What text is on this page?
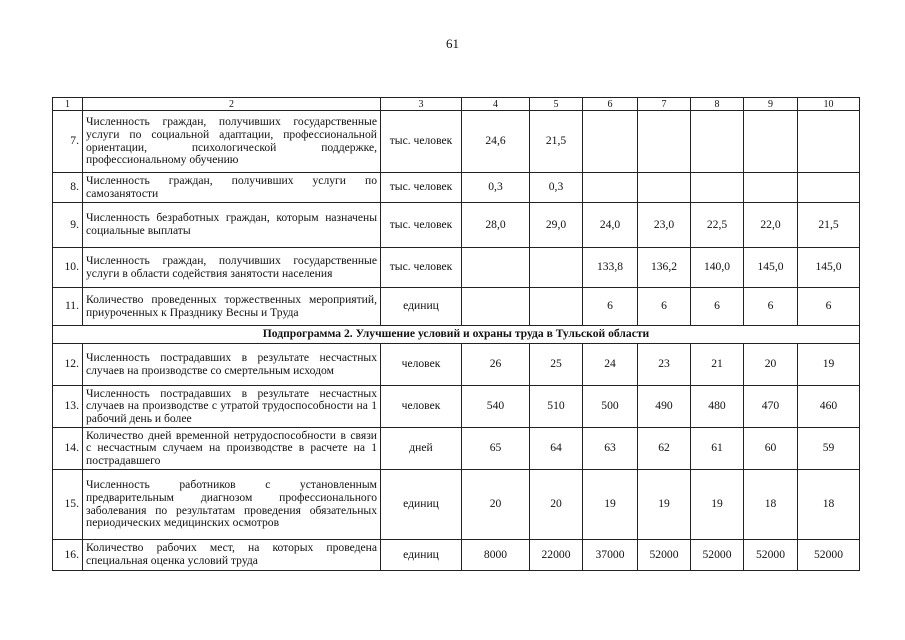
61
1	2	3	4	5	6	7	8	9	10
7.	Численность граждан, получивших государственные услуги по социальной адаптации, профессиональной ориентации, психологической поддержке, профессиональному обучению	тыс. человек	24,6	21,5					
8.	Численность граждан, получивших услуги по самозанятости	тыс. человек	0,3	0,3					
9.	Численность безработных граждан, которым назначены социальные выплаты	тыс. человек	28,0	29,0	24,0	23,0	22,5	22,0	21,5
10.	Численность граждан, получивших государственные услуги в области содействия занятости населения	тыс. человек			133,8	136,2	140,0	145,0	145,0
11.	Количество проведенных торжественных мероприятий, приуроченных к Празднику Весны и Труда	единиц			6	6	6	6	6
Подпрограмма 2. Улучшение условий и охраны труда в Тульской области									
12.	Численность пострадавших в результате несчастных случаев на производстве со смертельным исходом	человек	26	25	24	23	21	20	19
13.	Численность пострадавших в результате несчастных случаев на производстве с утратой трудоспособности на 1 рабочий день и более	человек	540	510	500	490	480	470	460
14.	Количество дней временной нетрудоспособности в связи с несчастным случаем на производстве в расчете на 1 пострадавшего	дней	65	64	63	62	61	60	59
15.	Численность работников с установленным предварительным диагнозом профессионального заболевания по результатам проведения обязательных периодических медицинских осмотров	единиц	20	20	19	19	19	18	18
16.	Количество рабочих мест, на которых проведена специальная оценка условий труда	единиц	8000	22000	37000	52000	52000	52000	52000
